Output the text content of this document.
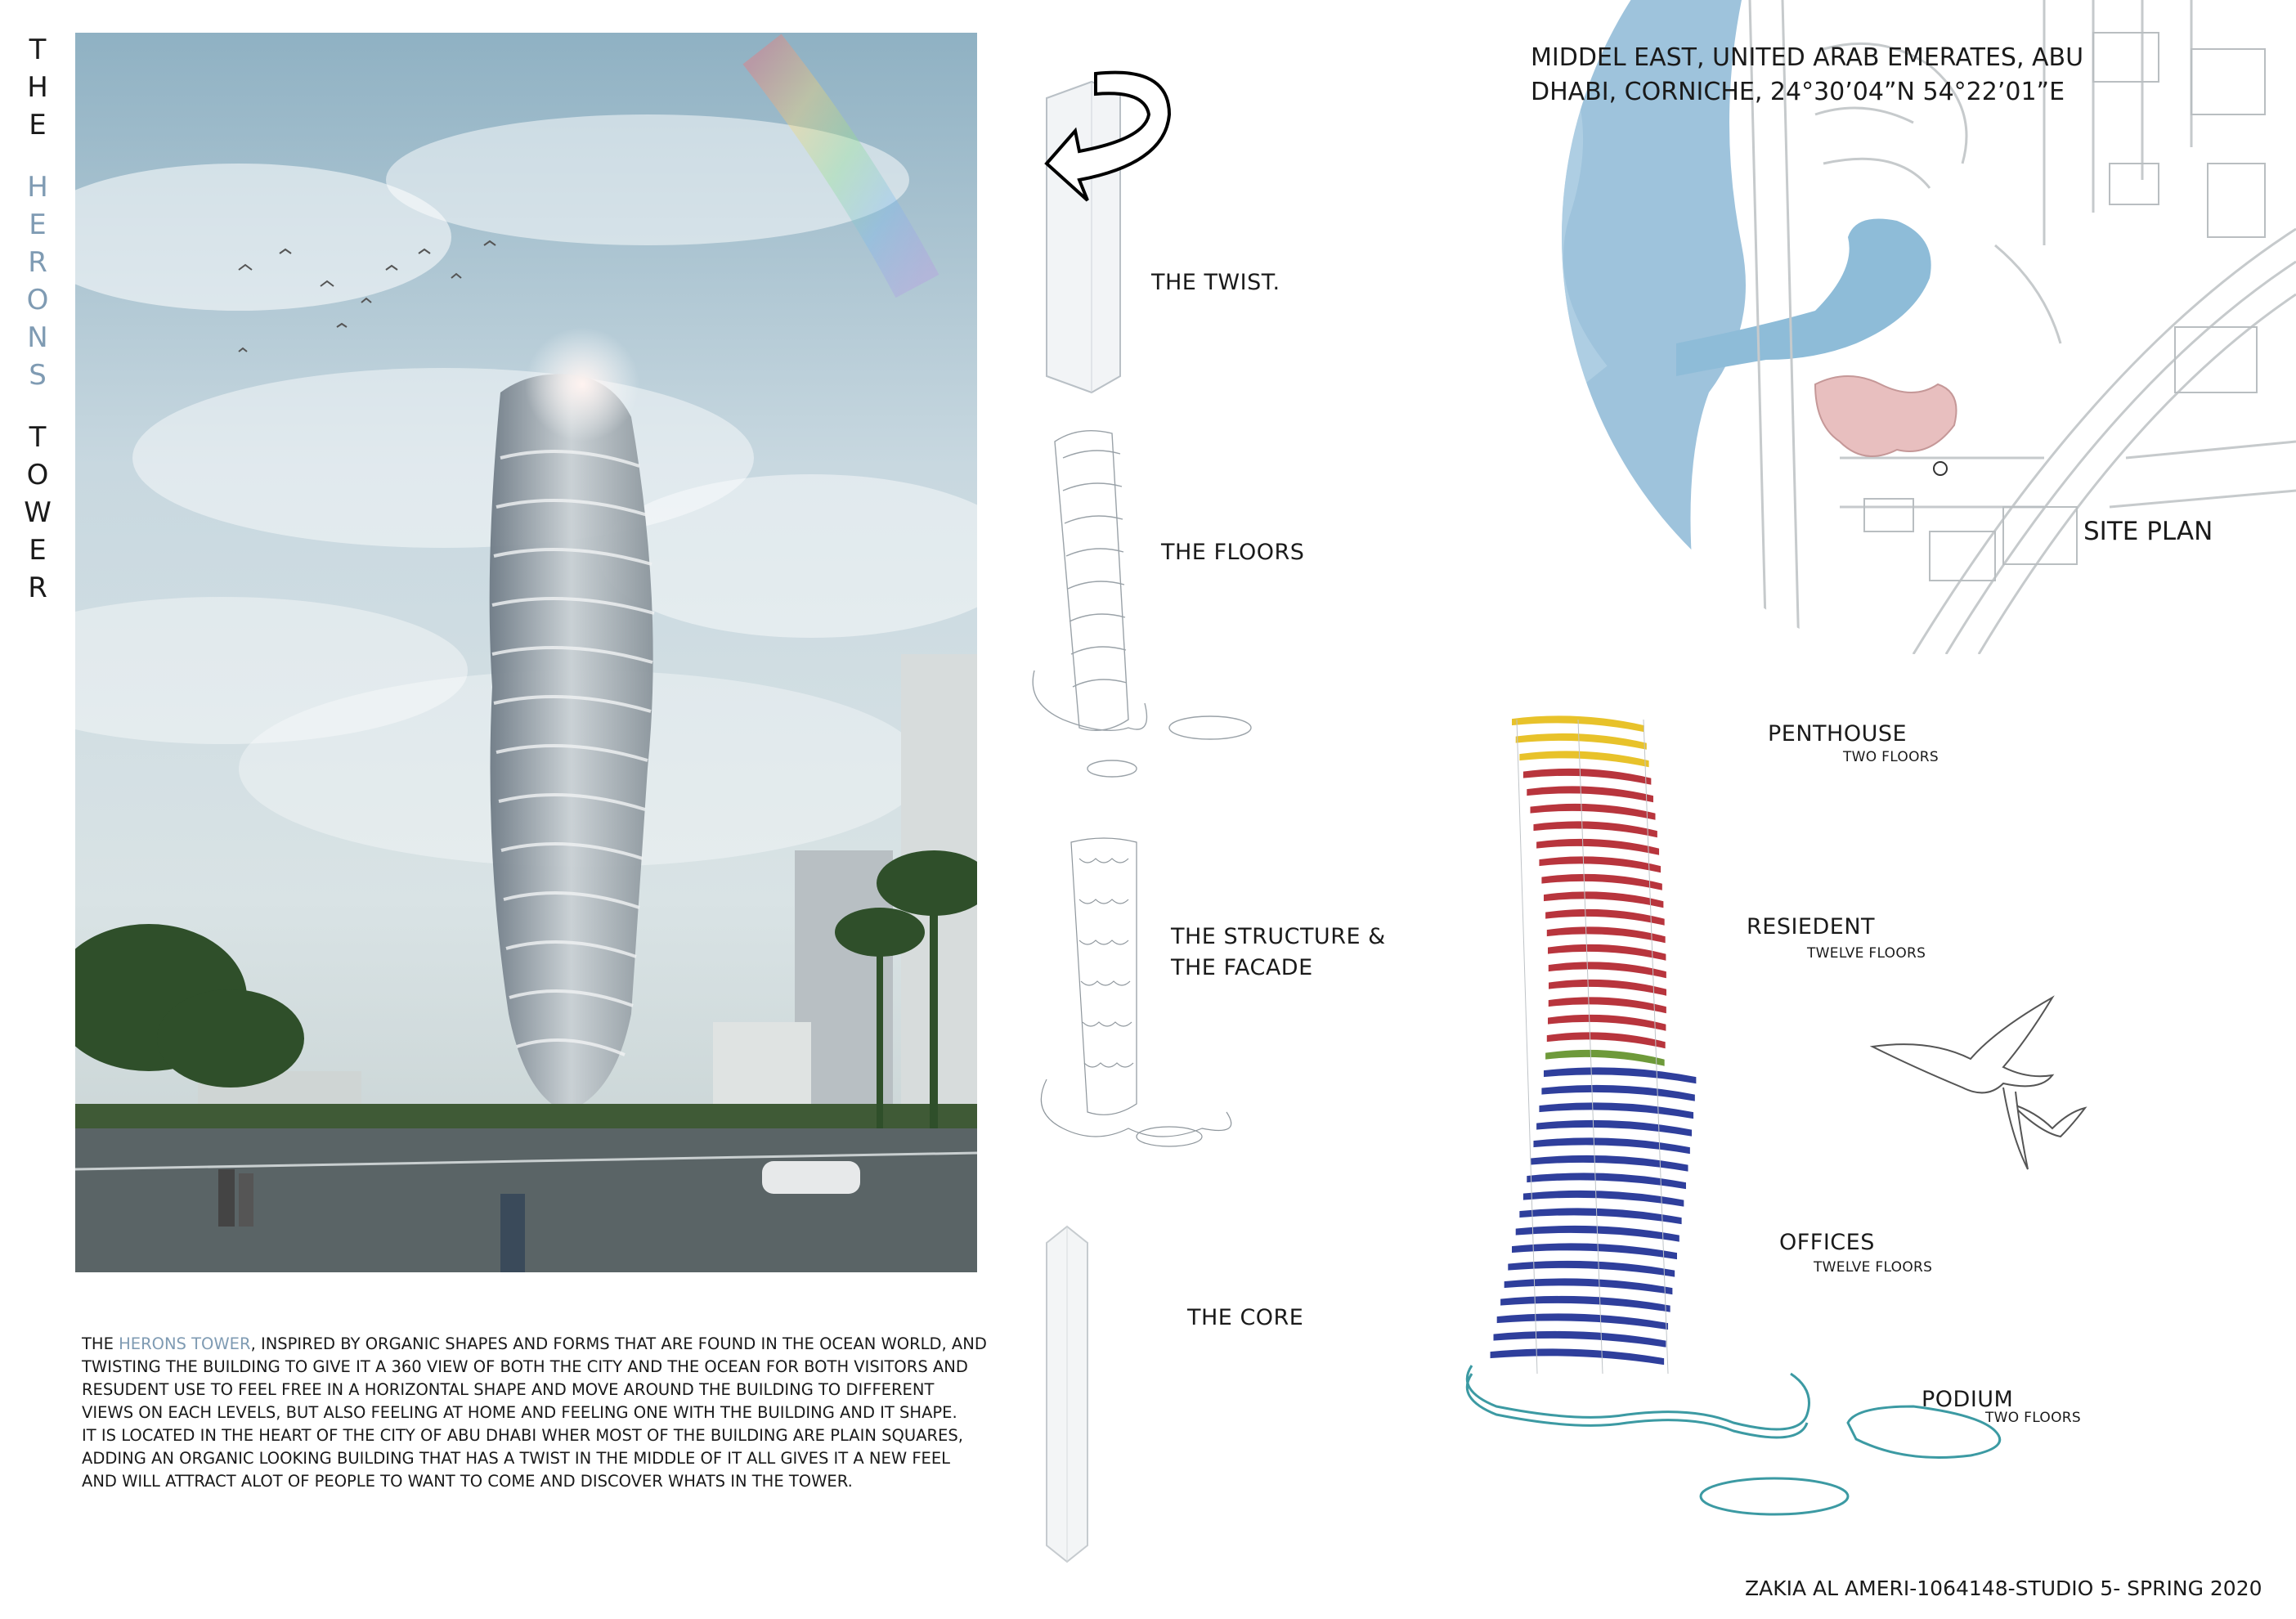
T
H
E
H
E
R
O
N
S
T
O
W
E
R
THE HERONS TOWER, INSPIRED BY ORGANIC SHAPES AND FORMS THAT ARE FOUND IN THE OCEAN WORLD, AND TWISTING THE BUILDING TO GIVE IT A 360 VIEW OF BOTH THE CITY AND THE OCEAN FOR BOTH VISITORS AND RESUDENT USE TO FEEL FREE IN A HORIZONTAL SHAPE AND MOVE AROUND THE BUILDING TO DIFFERENT VIEWS ON EACH LEVELS, BUT ALSO FEELING AT HOME AND FEELING ONE WITH THE BUILDING AND IT SHAPE.
IT IS LOCATED IN THE HEART OF THE CITY OF ABU DHABI WHER MOST OF THE BUILDING ARE PLAIN SQUARES, ADDING AN ORGANIC LOOKING BUILDING THAT HAS A TWIST IN THE MIDDLE OF IT ALL GIVES IT A NEW FEEL AND WILL ATTRACT ALOT OF PEOPLE TO WANT TO COME AND DISCOVER WHATS IN THE TOWER.
THE TWIST.
THE FLOORS
THE STRUCTURE &
THE FACADE
THE CORE
MIDDEL EAST, UNITED ARAB EMERATES, ABU DHABI, CORNICHE, 24°30’04”N 54°22’01”E
SITE PLAN
PENTHOUSE
TWO FLOORS
RESIEDENT
TWELVE FLOORS
OFFICES
TWELVE FLOORS
PODIUM
TWO FLOORS
ZAKIA AL AMERI-1064148-STUDIO 5- SPRING 2020
